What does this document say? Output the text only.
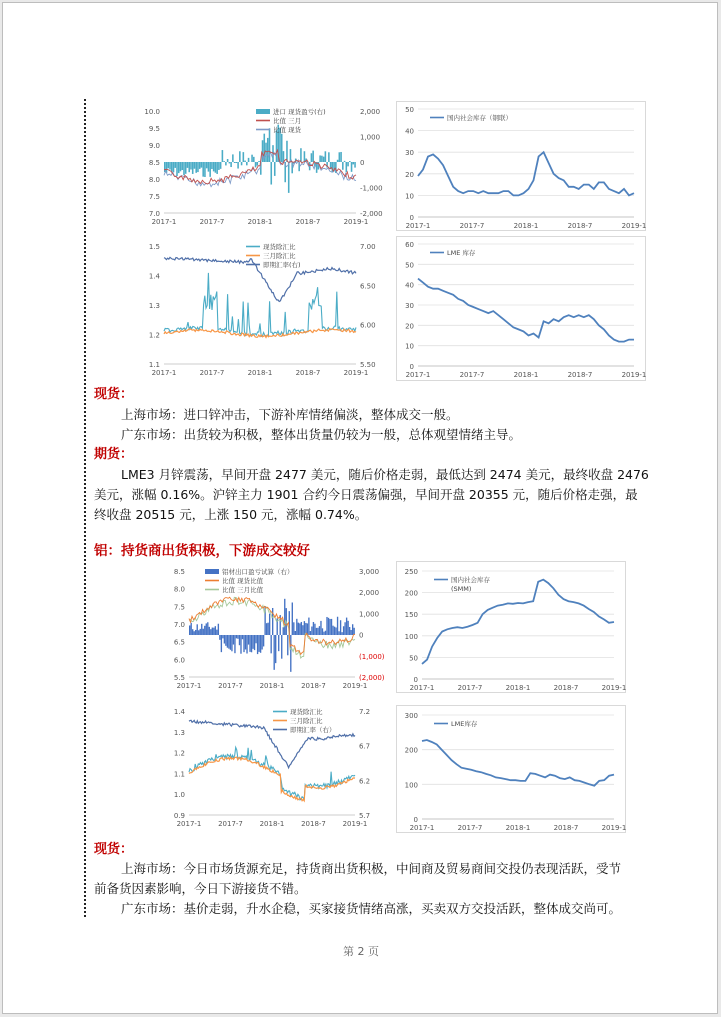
10.0
9.5
9.0
8.5
8.0
7.5
7.0
2,000
1,000
0
-1,000
-2,000
2017-1	2017-7	2018-1	2018-7	2019-1
进口 现货盈亏(右)
比值 三月
比值 现货
50
40
30
20
10
0
2017-1	2017-7	2018-1	2018-7	2019-1
国内社会库存（钢联）
1.5
1.4
1.3
1.2
1.1
7.00
6.50
6.00
5.50
2017-1	2017-7	2018-1	2018-7	2019-1
现货除汇比
三月除汇比
即期汇率(右)
60
50
40
30
20
10
0
2017-1	2017-7	2018-1	2018-7	2019-1
LME 库存
现货：
上海市场：进口锌冲击，下游补库情绪偏淡，整体成交一般。
广东市场：出货较为积极，整体出货量仍较为一般，总体观望情绪主导。
期货：
LME3 月锌震荡，早间开盘 2477 美元，随后价格走弱，最低达到 2474 美元，最终收盘 2476
美元，涨幅 0.16%。沪锌主力 1901 合约今日震荡偏强，早间开盘 20355 元，随后价格走强，最
终收盘 20515 元，上涨 150 元，涨幅 0.74%。
铝：持货商出货积极，下游成交较好
8.5
8.0
7.5
7.0
6.5
6.0
5.5
3,000
2,000
1,000
0
(1,000)
(2,000)
2017-1 2017-7 2018-1 2018-7 2019-1
铝材出口盈亏试算（右）
比值 现货比值
比值 三月比值
250
200
150
100
50
0
2017-1	2017-7	2018-1	2018-7	2019-1
国内社会库存
(SMM)
1.4
1.3
1.2
1.1
1.0
0.9
7.2
6.7
6.2
5.7
2017-1 2017-7 2018-1 2018-7 2019-1
现货除汇比
三月除汇比
即期汇率（右）
300
200
100
0
2017-1	2017-7	2018-1	2018-7	2019-1
LME库存
现货：
上海市场：今日市场货源充足，持货商出货积极，中间商及贸易商间交投仍表现活跃，受节
前备货因素影响，今日下游接货不错。
广东市场：基价走弱，升水企稳，买家接货情绪高涨，买卖双方交投活跃，整体成交尚可。
第 2 页
